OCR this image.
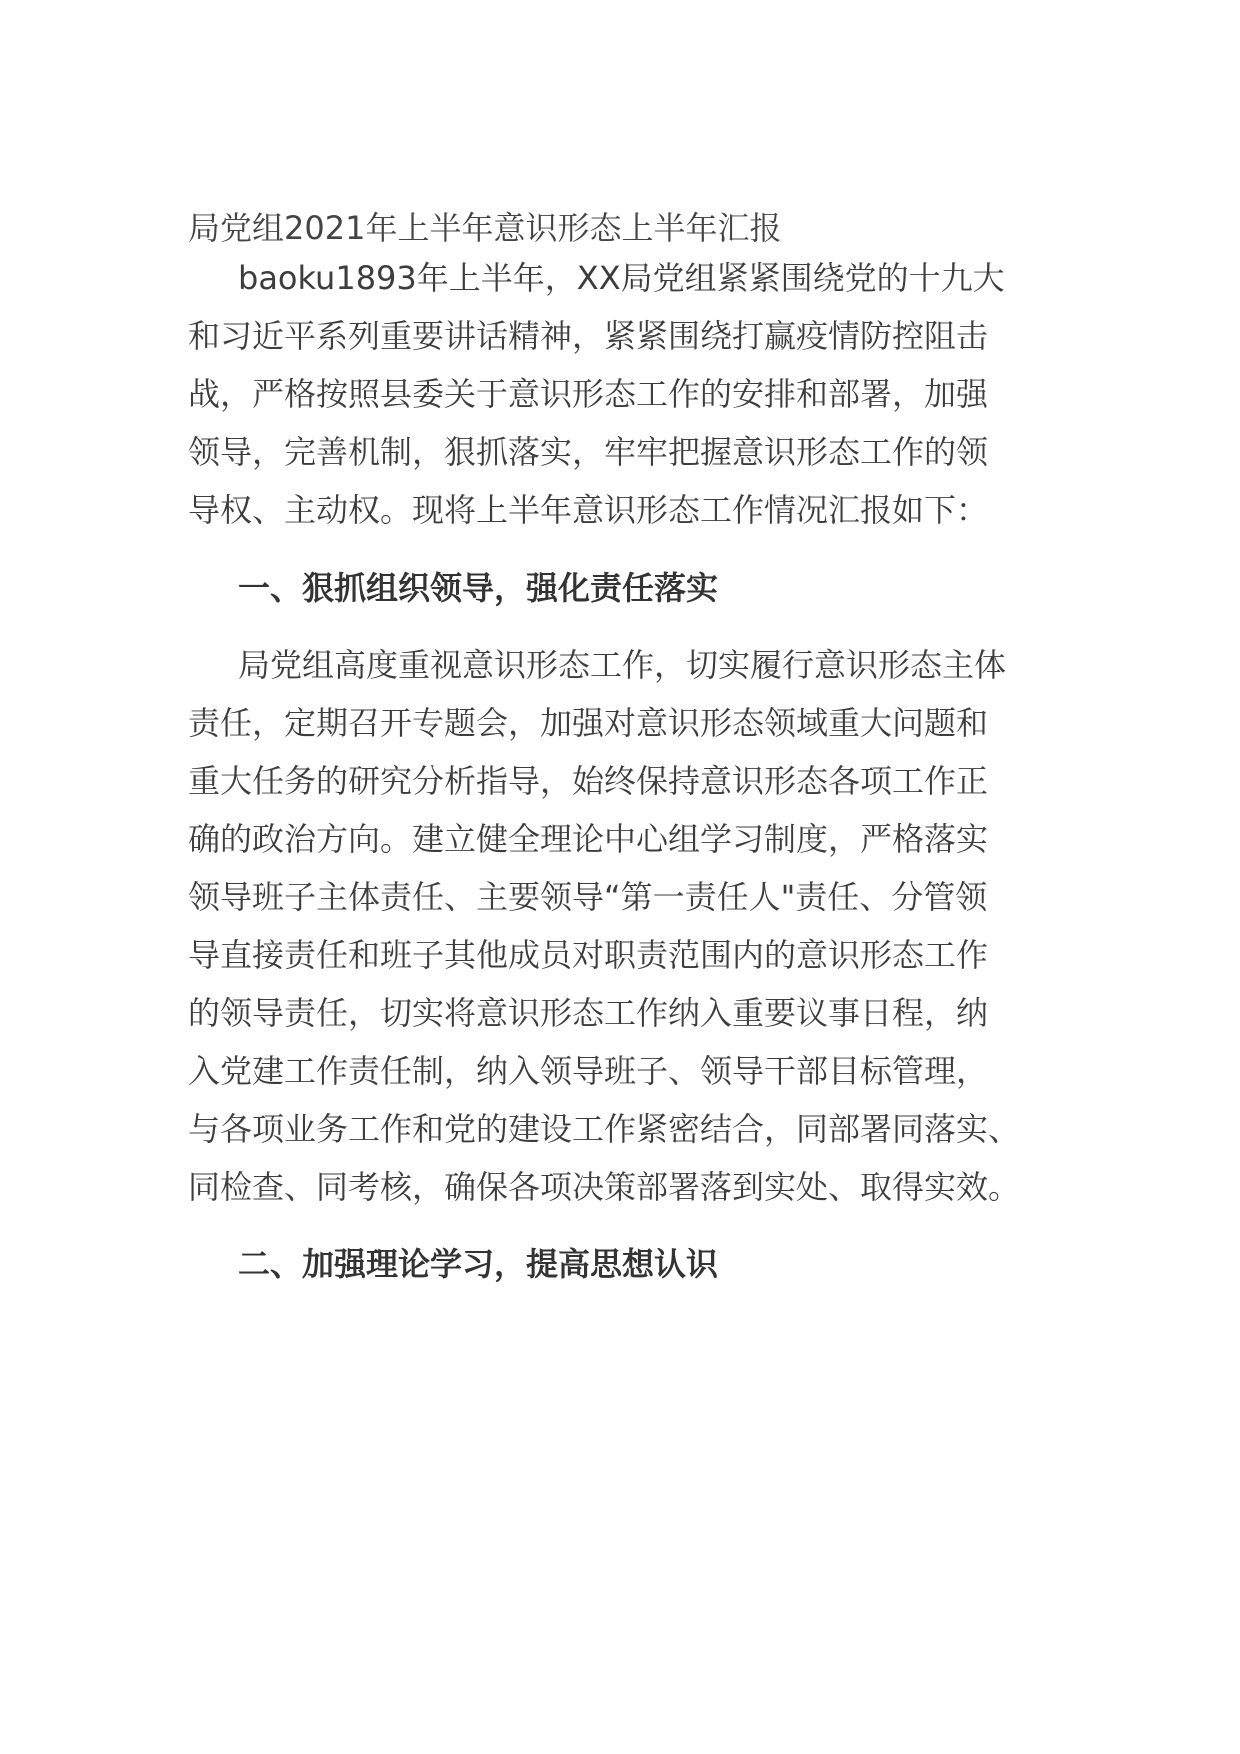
局党组2021年上半年意识形态上半年汇报
baoku1893年上半年，XX局党组紧紧围绕党的十九大
和习近平系列重要讲话精神，紧紧围绕打赢疫情防控阻击
战，严格按照县委关于意识形态工作的安排和部署，加强
领导，完善机制，狠抓落实，牢牢把握意识形态工作的领
导权、主动权。现将上半年意识形态工作情况汇报如下：
一、狠抓组织领导，强化责任落实
局党组高度重视意识形态工作，切实履行意识形态主体
责任，定期召开专题会，加强对意识形态领域重大问题和
重大任务的研究分析指导，始终保持意识形态各项工作正
确的政治方向。建立健全理论中心组学习制度，严格落实
领导班子主体责任、主要领导“第一责任人"责任、分管领
导直接责任和班子其他成员对职责范围内的意识形态工作
的领导责任，切实将意识形态工作纳入重要议事日程，纳
入党建工作责任制，纳入领导班子、领导干部目标管理，
与各项业务工作和党的建设工作紧密结合，同部署同落实、
同检查、同考核，确保各项决策部署落到实处、取得实效。
二、加强理论学习，提高思想认识
